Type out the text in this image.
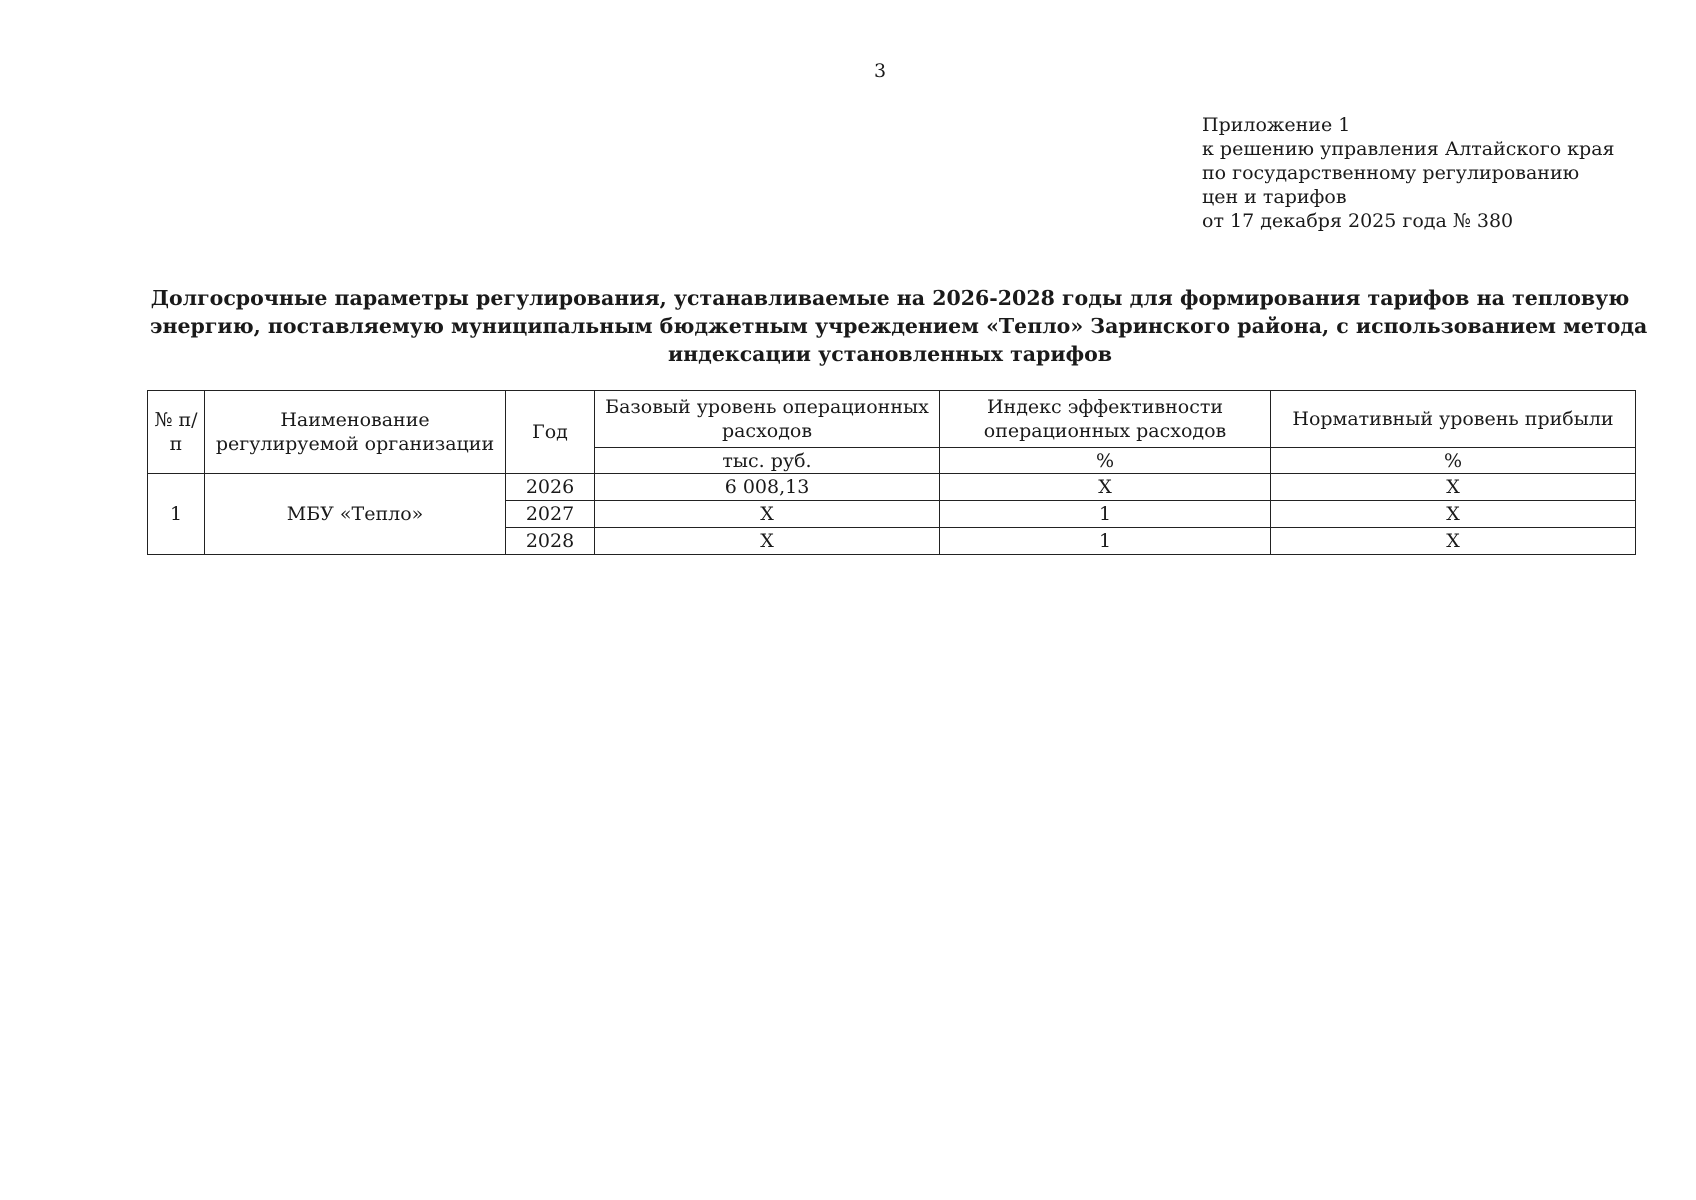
3
Приложение 1
к решению управления Алтайского края
по государственному регулированию
цен и тарифов
от 17 декабря 2025 года № 380
Долгосрочные параметры регулирования, устанавливаемые на 2026-2028 годы для формирования тарифов на тепловую
энергию, поставляемую муниципальным бюджетным учреждением «Тепло» Заринского района, с использованием метода
индексации установленных тарифов
№ п/п	Наименование регулируемой организации	Год	Базовый уровень операционных расходов	Индекс эффективности операционных расходов	Нормативный уровень прибыли
			тыс. руб.	%	%
1	МБУ «Тепло»	2026	6 008,13	Х	Х
		2027	Х	1	Х
		2028	Х	1	Х
